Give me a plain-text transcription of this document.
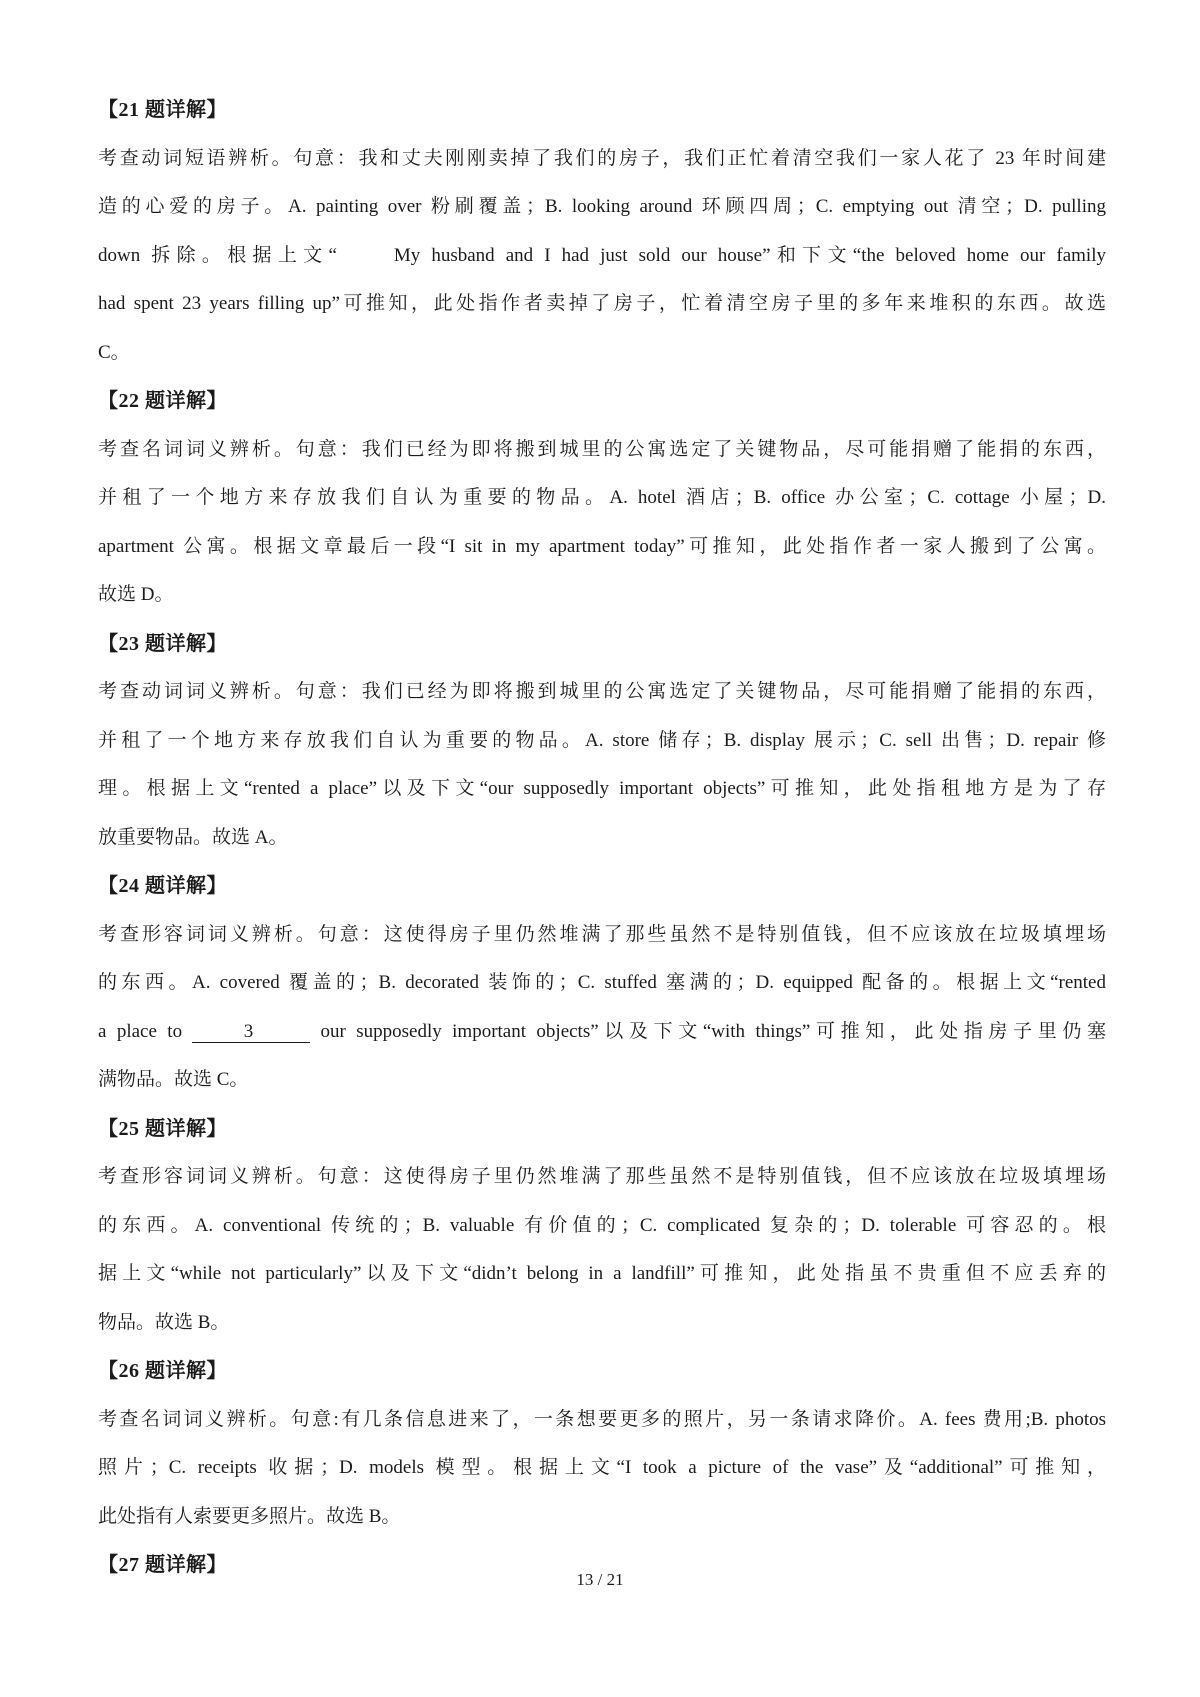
【21 题详解】
考查动词短语辨析。句意：我和丈夫刚刚卖掉了我们的房子，我们正忙着清空我们一家人花了 23 年时间建
造的心爱的房子。A. painting over 粉刷覆盖；B. looking around 环顾四周；C. emptying out 清空；D. pulling
down 拆除。根据上文“　　My husband and I had just sold our house”和下文“the beloved home our family
had spent 23 years filling up”可推知，此处指作者卖掉了房子，忙着清空房子里的多年来堆积的东西。故选
C。
【22 题详解】
考查名词词义辨析。句意：我们已经为即将搬到城里的公寓选定了关键物品，尽可能捐赠了能捐的东西，
并租了一个地方来存放我们自认为重要的物品。A. hotel 酒店；B. office 办公室；C. cottage 小屋；D.
apartment 公寓。根据文章最后一段“I sit in my apartment today”可推知，此处指作者一家人搬到了公寓。
故选 D。
【23 题详解】
考查动词词义辨析。句意：我们已经为即将搬到城里的公寓选定了关键物品，尽可能捐赠了能捐的东西，
并租了一个地方来存放我们自认为重要的物品。A. store 储存；B. display 展示；C. sell 出售；D. repair 修
理。根据上文“rented a place”以及下文“our supposedly important objects”可推知，此处指租地方是为了存
放重要物品。故选 A。
【24 题详解】
考查形容词词义辨析。句意：这使得房子里仍然堆满了那些虽然不是特别值钱，但不应该放在垃圾填埋场
的东西。A. covered 覆盖的；B. decorated 装饰的；C. stuffed 塞满的；D. equipped 配备的。根据上文“rented
a place to 　　3　　 our supposedly important objects”以及下文“with things”可推知，此处指房子里仍塞
满物品。故选 C。
【25 题详解】
考查形容词词义辨析。句意：这使得房子里仍然堆满了那些虽然不是特别值钱，但不应该放在垃圾填埋场
的东西。A. conventional 传统的；B. valuable 有价值的；C. complicated 复杂的；D. tolerable 可容忍的。根
据上文“while not particularly”以及下文“didn’t belong in a landfill”可推知，此处指虽不贵重但不应丢弃的
物品。故选 B。
【26 题详解】
考查名词词义辨析。句意:有几条信息进来了，一条想要更多的照片，另一条请求降价。A. fees 费用;B. photos
照片；C. receipts 收据；D. models 模型。根据上文“I took a picture of the vase”及“additional”可推知，
此处指有人索要更多照片。故选 B。
【27 题详解】
13 / 21
